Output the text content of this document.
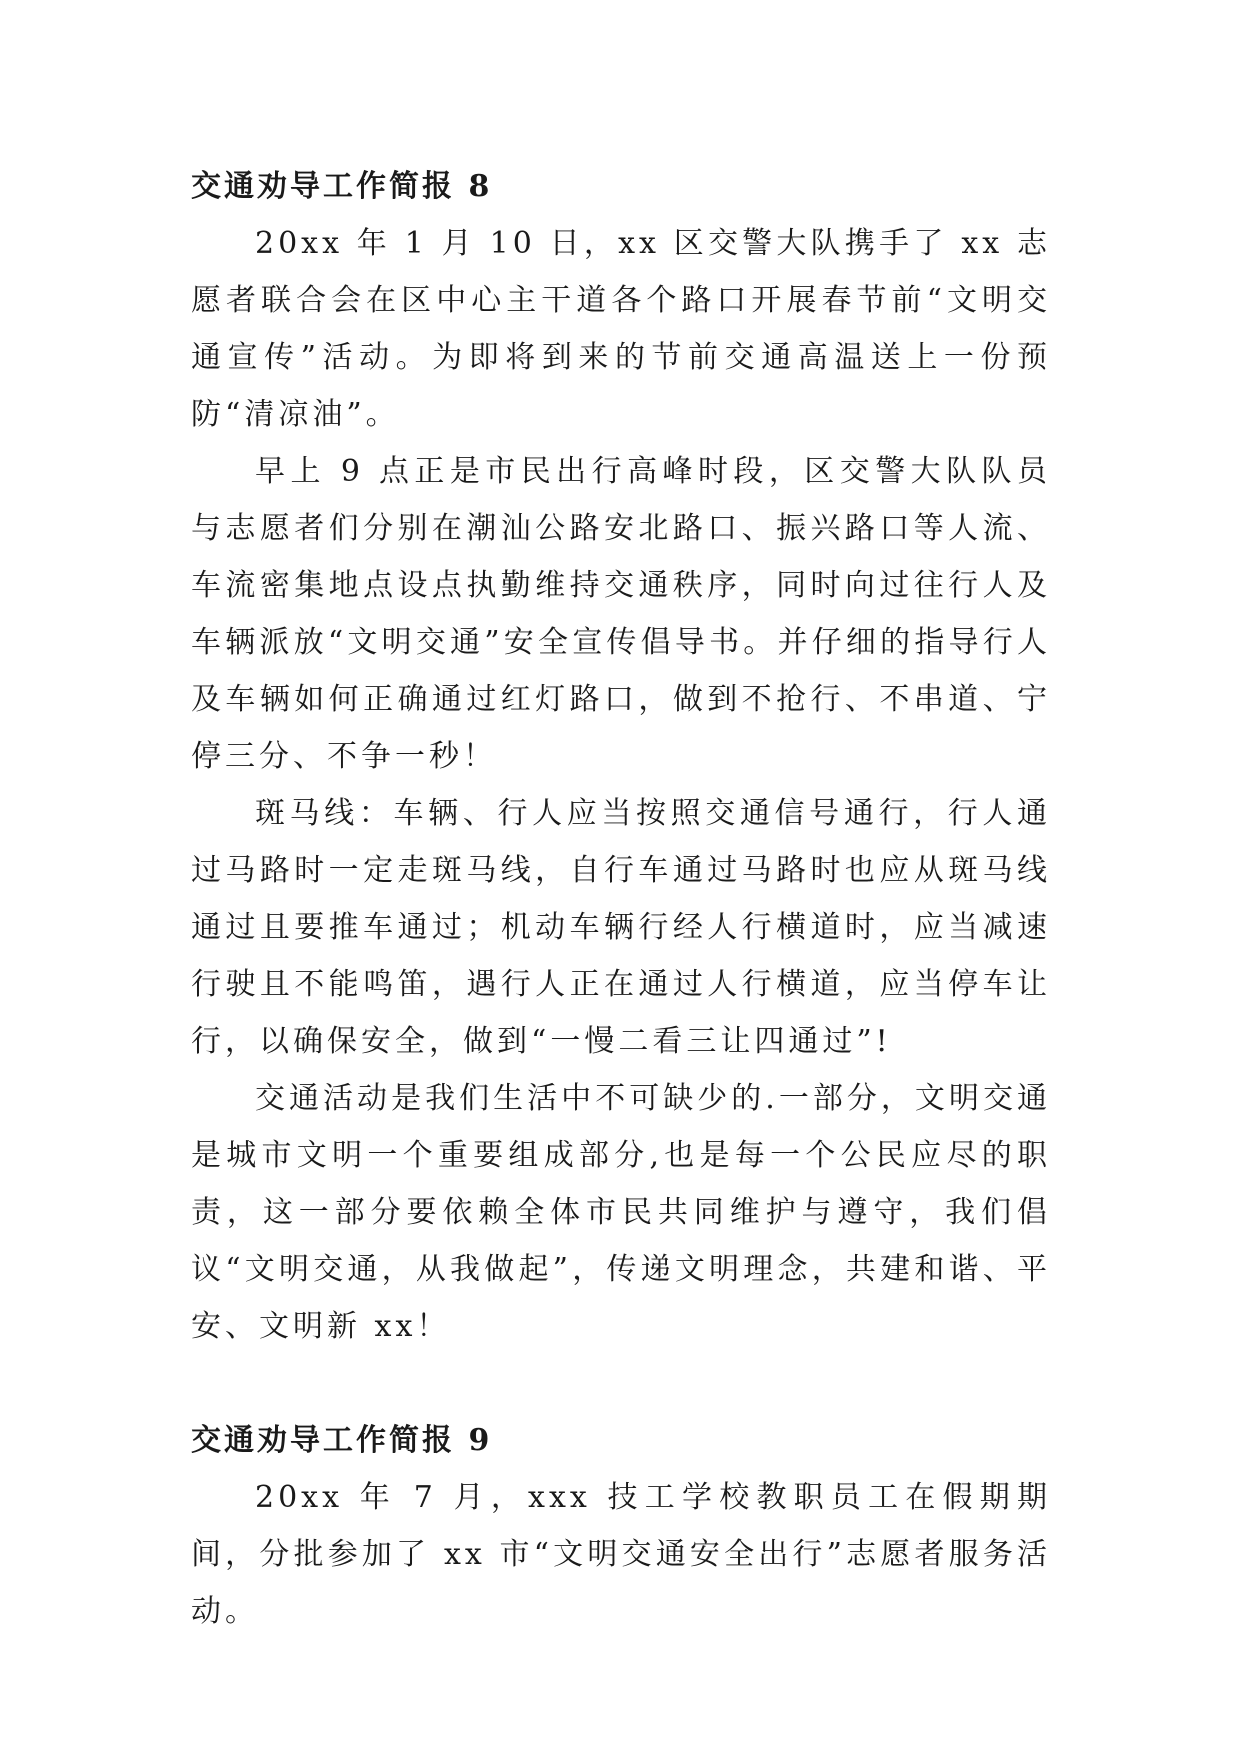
交通劝导工作简报 8

20xx 年 1 月 10 日，xx 区交警大队携手了 xx 志愿者联合会在区中心主干道各个路口开展春节前“文明交通宣传”活动。为即将到来的节前交通高温送上一份预防“清凉油”。

早上 9 点正是市民出行高峰时段，区交警大队队员与志愿者们分别在潮汕公路安北路口、振兴路口等人流、车流密集地点设点执勤维持交通秩序，同时向过往行人及车辆派放“文明交通”安全宣传倡导书。并仔细的指导行人及车辆如何正确通过红灯路口，做到不抢行、不串道、宁停三分、不争一秒！

斑马线：车辆、行人应当按照交通信号通行，行人通过马路时一定走斑马线，自行车通过马路时也应从斑马线通过且要推车通过；机动车辆行经人行横道时，应当减速行驶且不能鸣笛，遇行人正在通过人行横道，应当停车让行，以确保安全，做到“一慢二看三让四通过”!

交通活动是我们生活中不可缺少的.一部分，文明交通是城市文明一个重要组成部分,也是每一个公民应尽的职责，这一部分要依赖全体市民共同维护与遵守，我们倡议“文明交通，从我做起”，传递文明理念，共建和谐、平安、文明新 xx！

交通劝导工作简报 9

20xx 年 7 月，xxx 技工学校教职员工在假期期间，分批参加了 xx 市“文明交通安全出行”志愿者服务活动。
